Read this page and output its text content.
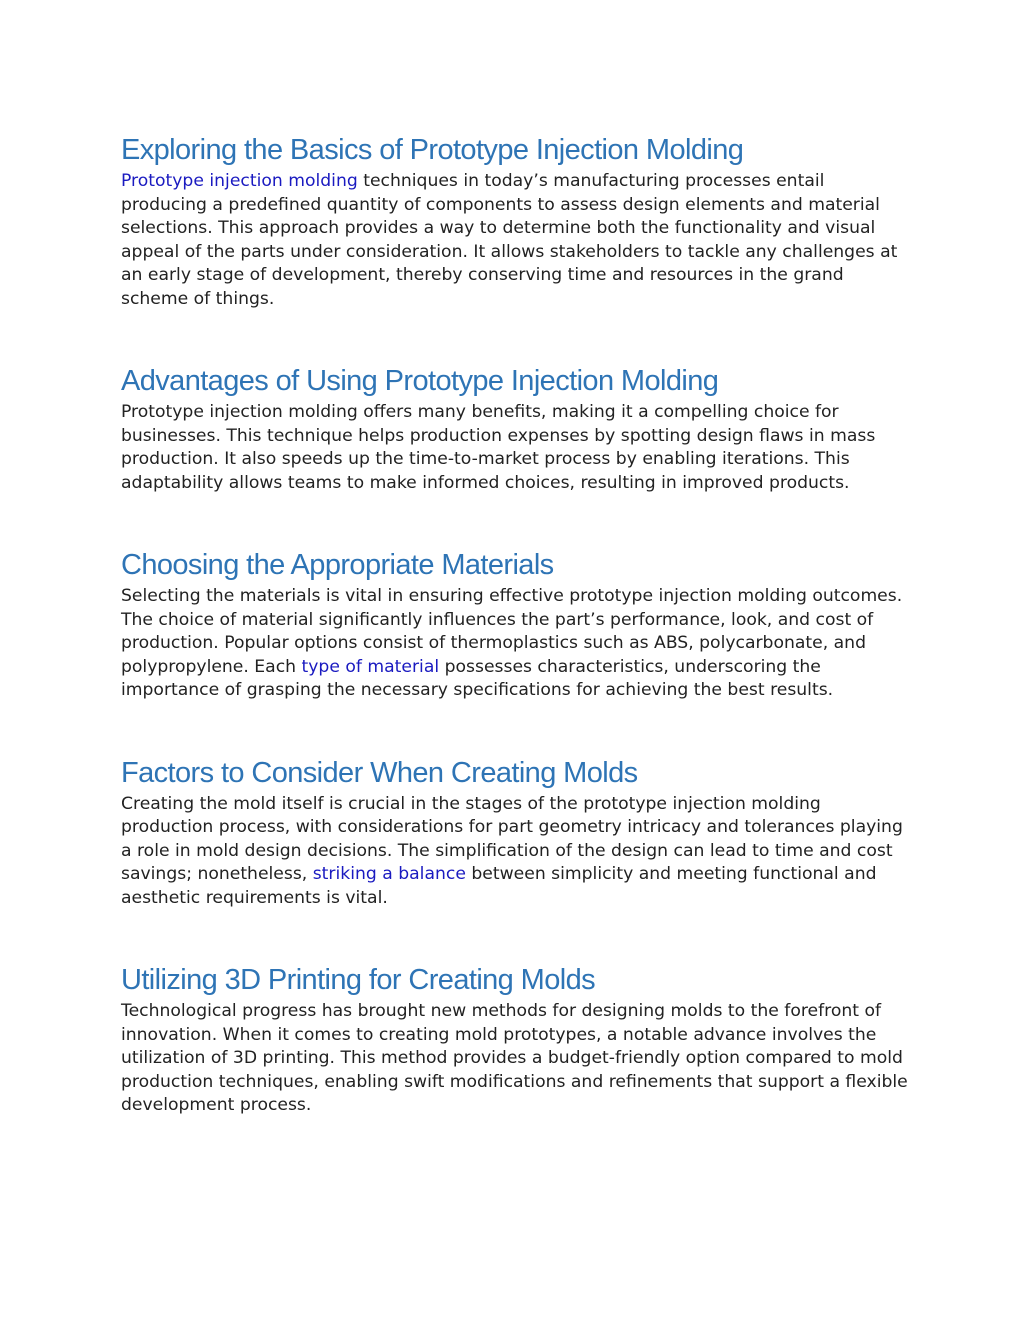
Exploring the Basics of Prototype Injection Molding

Prototype injection molding techniques in today’s manufacturing processes entail producing a predefined quantity of components to assess design elements and material selections. This approach provides a way to determine both the functionality and visual appeal of the parts under consideration. It allows stakeholders to tackle any challenges at an early stage of development, thereby conserving time and resources in the grand scheme of things.

Advantages of Using Prototype Injection Molding

Prototype injection molding offers many benefits, making it a compelling choice for businesses. This technique helps production expenses by spotting design flaws in mass production. It also speeds up the time-to-market process by enabling iterations. This adaptability allows teams to make informed choices, resulting in improved products.

Choosing the Appropriate Materials

Selecting the materials is vital in ensuring effective prototype injection molding outcomes. The choice of material significantly influences the part’s performance, look, and cost of production. Popular options consist of thermoplastics such as ABS, polycarbonate, and polypropylene. Each type of material possesses characteristics, underscoring the importance of grasping the necessary specifications for achieving the best results.

Factors to Consider When Creating Molds

Creating the mold itself is crucial in the stages of the prototype injection molding production process, with considerations for part geometry intricacy and tolerances playing a role in mold design decisions. The simplification of the design can lead to time and cost savings; nonetheless, striking a balance between simplicity and meeting functional and aesthetic requirements is vital.

Utilizing 3D Printing for Creating Molds

Technological progress has brought new methods for designing molds to the forefront of innovation. When it comes to creating mold prototypes, a notable advance involves the utilization of 3D printing. This method provides a budget-friendly option compared to mold production techniques, enabling swift modifications and refinements that support a flexible development process.
